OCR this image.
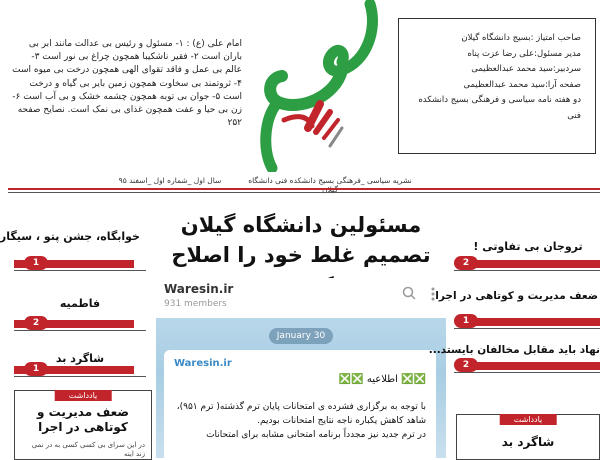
امام علی (ع) : ۱- مسئول و رئیس بی عدالت مانند ابر بی باران است ۲- فقیر ناشکیبا همچون چراغ بی نور است ۳- عالم بی عمل و فاقد تقوای الهی همچون درخت بی میوه است ۴- ثروتمند بی سخاوت همچون زمین بایر بی گیاه و درخت است ۵- جوان بی توبه همچون چشمه خشک و بی آب است ۶- زن بی حیا و عفت همچون غذای بی نمک است. نصایح صفحه ۲۵۲
صاحب امتیاز :بسیج دانشگاه گیلان
مدیر مسئول:علی رضا عزت پناه
سردبیر:سید محمد عبدالعظیمی
صفحه آرا:سید محمد عبدالعظیمی
دو هفته نامه سیاسی و فرهنگی بسیج دانشکده فنی
نشریه سیاسی _فرهنگی بسیج دانشکده فنی دانشگاه
سال اول _شماره اول _اسفند ۹۵
خوابگاه، جشن پتو ، سیگار
1
فاطمیه
2
شاگرد بد
1
یادداشت
ضعف مدیریت و کوتاهی در اجرا
در این سرای بی کسی کسی به در نمی زند اینه
مسئولین دانشگاه گیلان
تصمیم غلط خود را اصلاح
Waresin.ir
931 members
January 30
Waresin.ir
❎❎ اطلاعیه ❎❎
با توجه به برگزاری فشرده ی امتحانات پایان ترم گذشته( ترم ۹۵۱)، شاهد کاهش یکباره ناجه نتایج امتحانات بودیم.
در ترم جدید نیز مجدداً برنامه امتحانی مشابه برای امتحانات
تروجان بی تفاوتی !
2
ضعف مدیریت و کوتاهی در اجرا
1
نهاد باید مقابل مخالفان بایستد...
2
یادداشت
شاگرد بد
